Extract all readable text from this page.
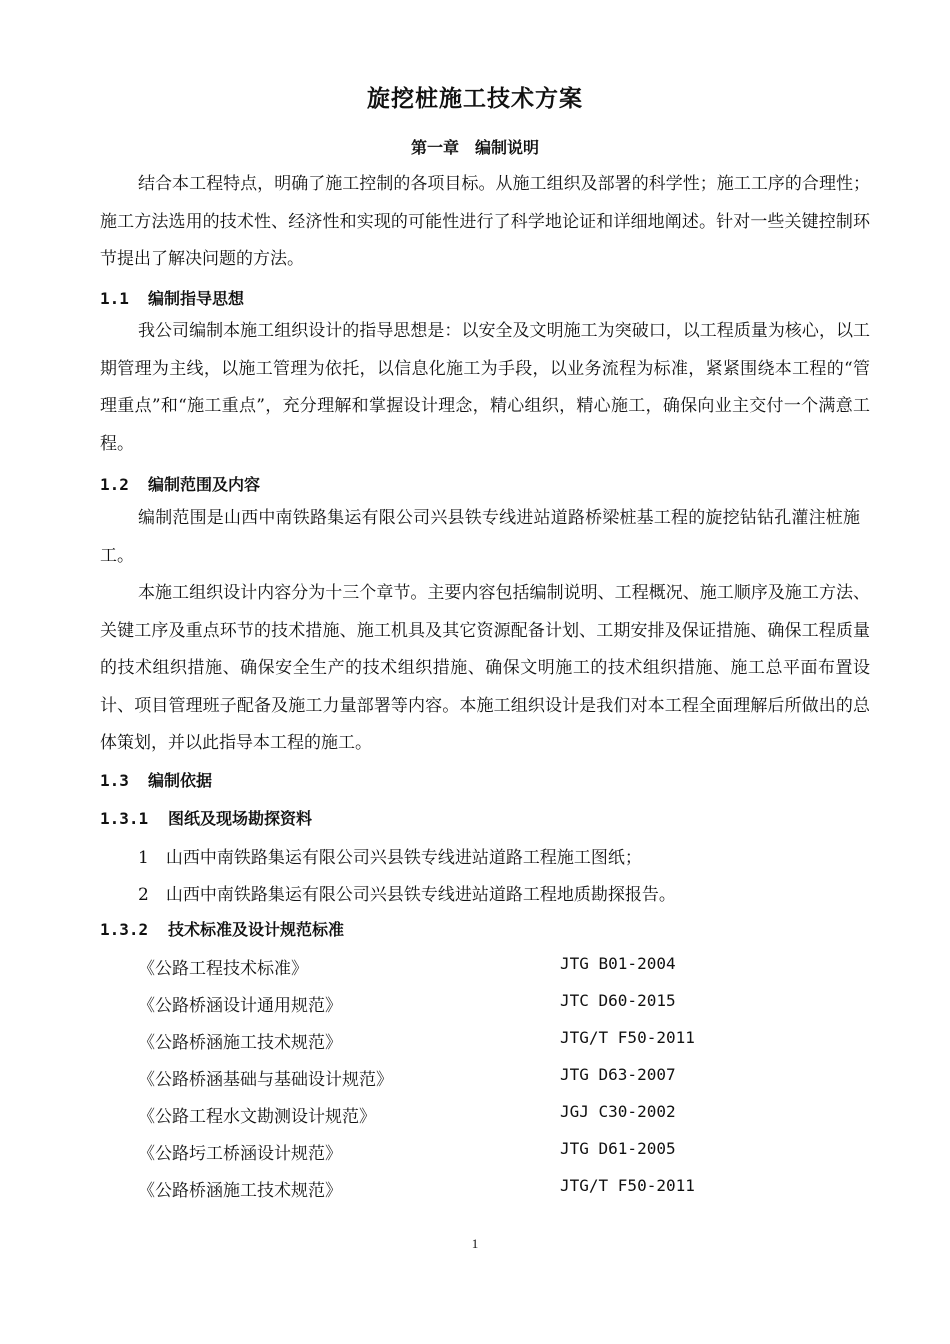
旋挖桩施工技术方案
第一章　编制说明
结合本工程特点，明确了施工控制的各项目标。从施工组织及部署的科学性；施工工序的合理性；施工方法选用的技术性、经济性和实现的可能性进行了科学地论证和详细地阐述。针对一些关键控制环节提出了解决问题的方法。
1.1 编制指导思想
我公司编制本施工组织设计的指导思想是：以安全及文明施工为突破口，以工程质量为核心，以工期管理为主线，以施工管理为依托，以信息化施工为手段，以业务流程为标准，紧紧围绕本工程的“管理重点”和“施工重点”，充分理解和掌握设计理念，精心组织，精心施工，确保向业主交付一个满意工程。
1.2 编制范围及内容
编制范围是山西中南铁路集运有限公司兴县铁专线进站道路桥梁桩基工程的旋挖钻钻孔灌注桩施工。
本施工组织设计内容分为十三个章节。主要内容包括编制说明、工程概况、施工顺序及施工方法、关键工序及重点环节的技术措施、施工机具及其它资源配备计划、工期安排及保证措施、确保工程质量的技术组织措施、确保安全生产的技术组织措施、确保文明施工的技术组织措施、施工总平面布置设计、项目管理班子配备及施工力量部署等内容。本施工组织设计是我们对本工程全面理解后所做出的总体策划，并以此指导本工程的施工。
1.3 编制依据
1.3.1 图纸及现场勘探资料
1　山西中南铁路集运有限公司兴县铁专线进站道路工程施工图纸；
2　山西中南铁路集运有限公司兴县铁专线进站道路工程地质勘探报告。
1.3.2 技术标准及设计规范标准
《公路工程技术标准》	JTG B01-2004
《公路桥涵设计通用规范》	JTC D60-2015
《公路桥涵施工技术规范》	JTG/T F50-2011
《公路桥涵基础与基础设计规范》	JTG D63-2007
《公路工程水文勘测设计规范》	JGJ C30-2002
《公路圬工桥涵设计规范》	JTG D61-2005
《公路桥涵施工技术规范》	JTG/T F50-2011
1
